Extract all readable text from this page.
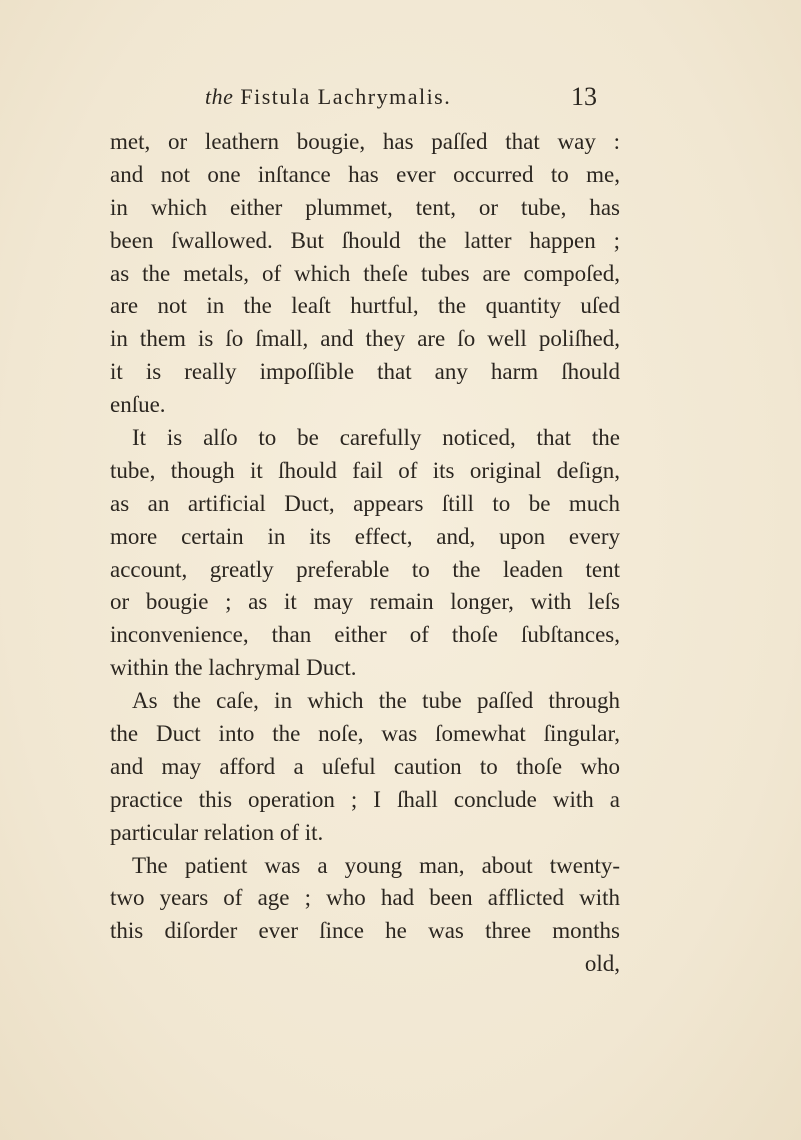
the Fistula Lachrymalis.	13
met, or leathern bougie, has paſſed that way :
and not one inſtance has ever occurred to me,
in which either plummet, tent, or tube, has
been ſwallowed. But ſhould the latter happen ;
as the metals, of which theſe tubes are compoſed,
are not in the leaſt hurtful, the quantity uſed
in them is ſo ſmall, and they are ſo well poliſhed,
it is really impoſſible that any harm ſhould
enſue.
It is alſo to be carefully noticed, that the
tube, though it ſhould fail of its original deſign,
as an artificial Duct, appears ſtill to be much
more certain in its effect, and, upon every
account, greatly preferable to the leaden tent
or bougie ; as it may remain longer, with leſs
inconvenience, than either of thoſe ſubſtances,
within the lachrymal Duct.
As the caſe, in which the tube paſſed through
the Duct into the noſe, was ſomewhat ſingular,
and may afford a uſeful caution to thoſe who
practice this operation ; I ſhall conclude with a
particular relation of it.
The patient was a young man, about twenty-
two years of age ; who had been afflicted with
this diſorder ever ſince he was three months
old,
